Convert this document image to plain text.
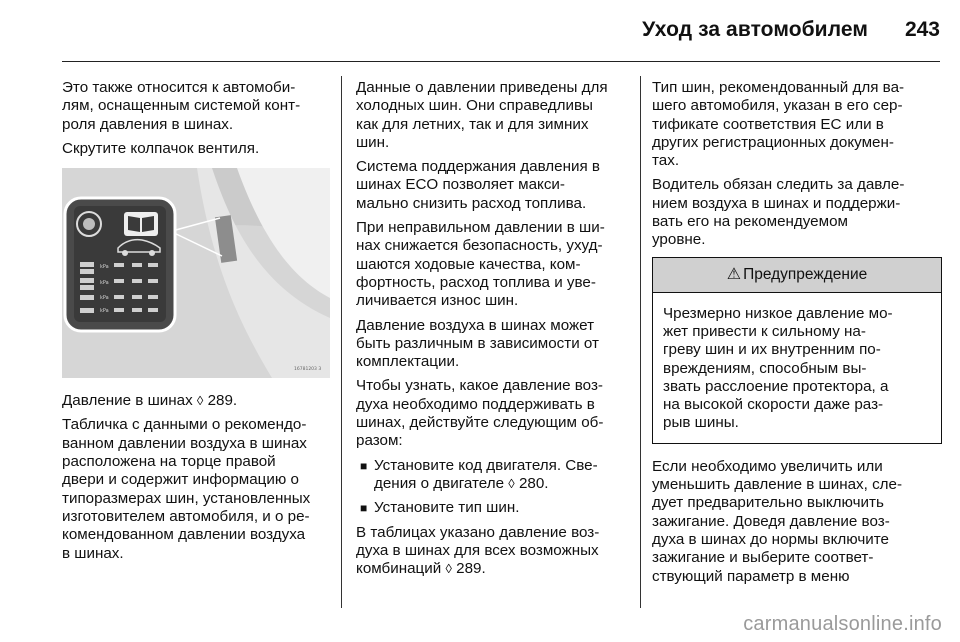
Уход за автомобилем 243

Это также относится к автомоби-
лям, оснащенным системой конт-
роля давления в шинах.

Скрутите колпачок вентиля.

kPa
kPa
kPa
kPa
16781203 3

Давление в шинах ◊ 289.

Табличка с данными о рекомендо-
ванном давлении воздуха в шинах
расположена на торце правой
двери и содержит информацию о
типоразмерах шин, установленных
изготовителем автомобиля, и о ре-
комендованном давлении воздуха
в шинах.

Данные о давлении приведены для
холодных шин. Они справедливы
как для летних, так и для зимних
шин.

Система поддержания давления в
шинах ECO позволяет макси-
мально снизить расход топлива.

При неправильном давлении в ши-
нах снижается безопасность, ухуд-
шаются ходовые качества, ком-
фортность, расход топлива и уве-
личивается износ шин.

Давление воздуха в шинах может
быть различным в зависимости от
комплектации.

Чтобы узнать, какое давление воз-
духа необходимо поддерживать в
шинах, действуйте следующим об-
разом:

■ Установите код двигателя. Све-
дения о двигателе ◊ 280.
■ Установите тип шин.

В таблицах указано давление воз-
духа в шинах для всех возможных
комбинаций ◊ 289.

Тип шин, рекомендованный для ва-
шего автомобиля, указан в его сер-
тификате соответствия ЕС или в
других регистрационных докумен-
тах.

Водитель обязан следить за давле-
нием воздуха в шинах и поддержи-
вать его на рекомендуемом
уровне.

⚠ Предупреждение
Чрезмерно низкое давление мо-
жет привести к сильному на-
греву шин и их внутренним по-
вреждениям, способным вы-
звать расслоение протектора, а
на высокой скорости даже раз-
рыв шины.

Если необходимо увеличить или
уменьшить давление в шинах, сле-
дует предварительно выключить
зажигание. Доведя давление воз-
духа в шинах до нормы включите
зажигание и выберите соответ-
ствующий параметр в меню

carmanualsonline.info
